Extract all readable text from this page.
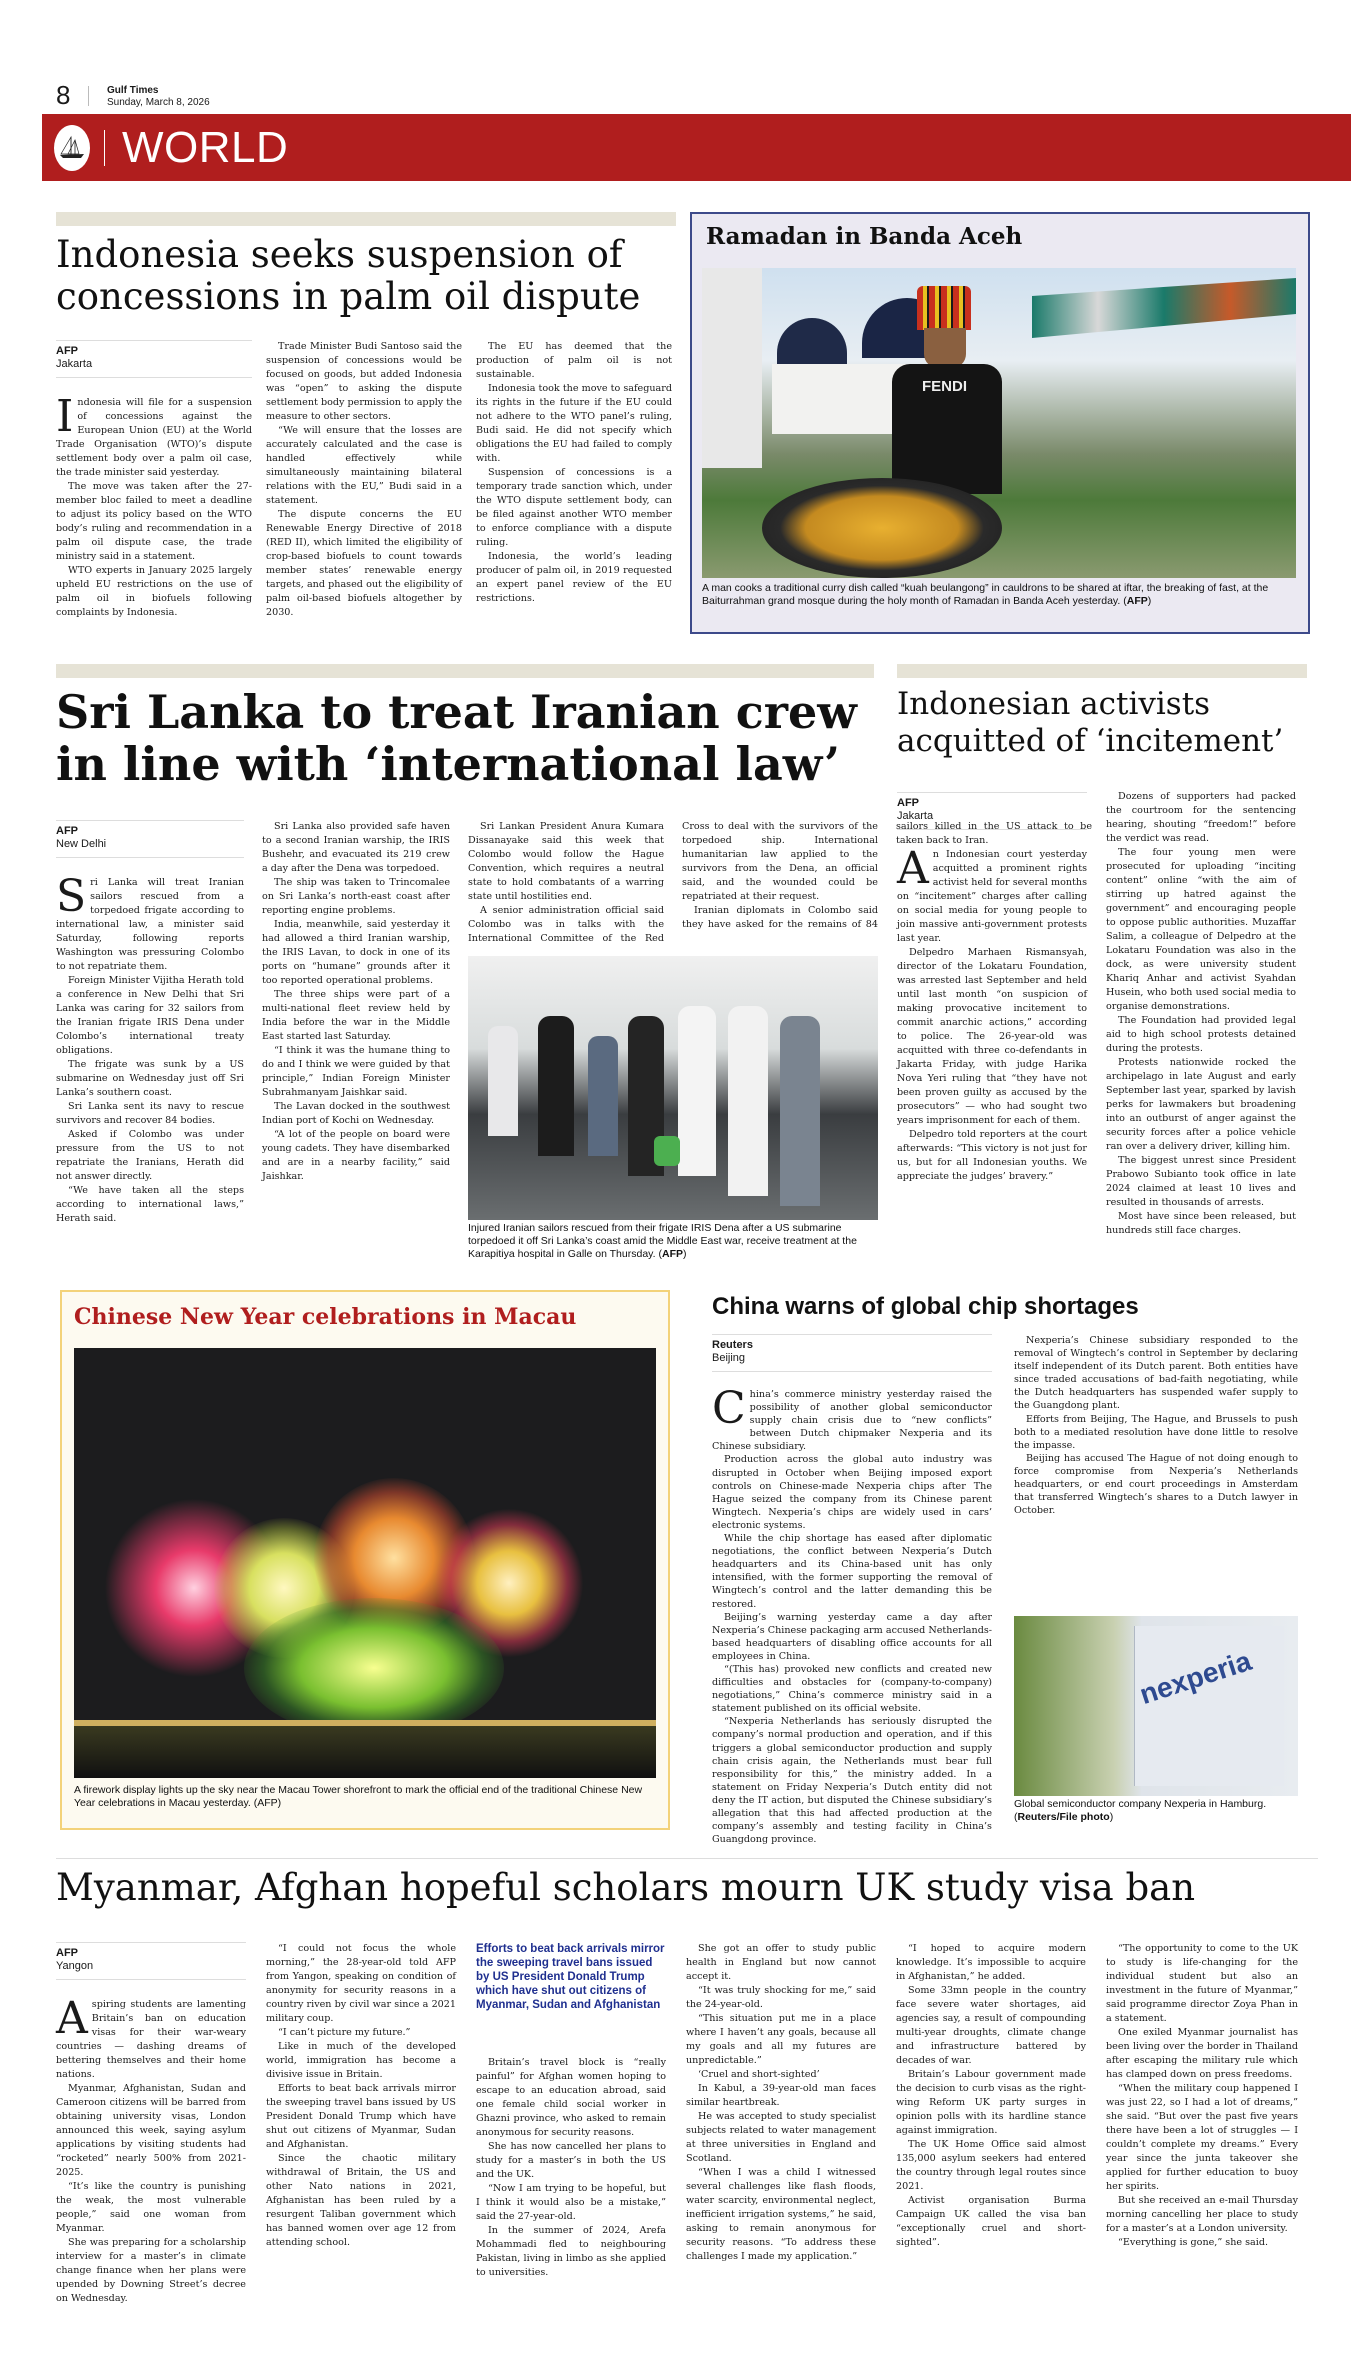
8	Gulf Times
Sunday, March 8, 2026
WORLD
Indonesia seeks suspension of concessions in palm oil dispute
AFP
Jakarta

Indonesia will file for a suspension of concessions against the European Union (EU) at the World Trade Organisation (WTO)’s dispute settlement body over a palm oil case, the trade minister said yesterday.

The move was taken after the 27-member bloc failed to meet a deadline to adjust its policy based on the WTO body’s ruling and recommendation in a palm oil dispute case, the trade ministry said in a statement.

WTO experts in January 2025 largely upheld EU restrictions on the use of palm oil in biofuels following complaints by Indonesia.

Trade Minister Budi Santoso said the suspension of concessions would be focused on goods, but added Indonesia was “open” to asking the dispute settlement body permission to apply the measure to other sectors.

“We will ensure that the losses are accurately calculated and the case is handled effectively while simultaneously maintaining bilateral relations with the EU,” Budi said in a statement.

The dispute concerns the EU Renewable Energy Directive of 2018 (RED II), which limited the eligibility of crop-based biofuels to count towards member states’ renewable energy targets, and phased out the eligibility of palm oil-based biofuels altogether by 2030.

The EU has deemed that the production of palm oil is not sustainable.

Indonesia took the move to safeguard its rights in the future if the EU could not adhere to the WTO panel’s ruling, Budi said. He did not specify which obligations the EU had failed to comply with.

Suspension of concessions is a temporary trade sanction which, under the WTO dispute settlement body, can be filed against another WTO member to enforce compliance with a dispute ruling.

Indonesia, the world’s leading producer of palm oil, in 2019 requested an expert panel review of the EU restrictions.

Ramadan in Banda Aceh
FENDI
A man cooks a traditional curry dish called “kuah beulangong” in cauldrons to be shared at iftar, the breaking of fast, at the Baiturrahman grand mosque during the holy month of Ramadan in Banda Aceh yesterday. (AFP)
Sri Lanka to treat Iranian crew in line with ‘international law’
AFP
New Delhi

Sri Lanka will treat Iranian sailors rescued from a torpedoed frigate according to international law, a minister said Saturday, following reports Washington was pressuring Colombo to not repatriate them.

Foreign Minister Vijitha Herath told a conference in New Delhi that Sri Lanka was caring for 32 sailors from the Iranian frigate IRIS Dena under Colombo’s international treaty obligations.

The frigate was sunk by a US submarine on Wednesday just off Sri Lanka’s southern coast.

Sri Lanka sent its navy to rescue survivors and recover 84 bodies.

Asked if Colombo was under pressure from the US to not repatriate the Iranians, Herath did not answer directly.

“We have taken all the steps according to international laws,” Herath said.

Sri Lanka also provided safe haven to a second Iranian warship, the IRIS Bushehr, and evacuated its 219 crew a day after the Dena was torpedoed.

The ship was taken to Trincomalee on Sri Lanka’s north-east coast after reporting engine problems.

India, meanwhile, said yesterday it had allowed a third Iranian warship, the IRIS Lavan, to dock in one of its ports on “humane” grounds after it too reported operational problems.

The three ships were part of a multi-national fleet review held by India before the war in the Middle East started last Saturday.

“I think it was the humane thing to do and I think we were guided by that principle,” Indian Foreign Minister Subrahmanyam Jaishkar said.

The Lavan docked in the southwest Indian port of Kochi on Wednesday.

“A lot of the people on board were young cadets. They have disembarked and are in a nearby facility,” said Jaishkar.

Sri Lankan President Anura Kumara Dissanayake said this week that Colombo would follow the Hague Convention, which requires a neutral state to hold combatants of a warring state until hostilities end.

A senior administration official said Colombo was in talks with the International Committee of the Red Cross to deal with the survivors of the torpedoed ship. International humanitarian law applied to the survivors from the Dena, an official said, and the wounded could be repatriated at their request.

Iranian diplomats in Colombo said they have asked for the remains of 84 sailors killed in the US attack to be taken back to Iran.

Injured Iranian sailors rescued from their frigate IRIS Dena after a US submarine torpedoed it off Sri Lanka’s coast amid the Middle East war, receive treatment at the Karapitiya hospital in Galle on Thursday. (AFP)
Indonesian activists acquitted of ‘incitement’
AFP
Jakarta

An Indonesian court yesterday acquitted a prominent rights activist held for several months on “incitement” charges after calling on social media for young people to join massive anti-government protests last year.

Delpedro Marhaen Rismansyah, director of the Lokataru Foundation, was arrested last September and held until last month “on suspicion of making provocative incitement to commit anarchic actions,” according to police. The 26-year-old was acquitted with three co-defendants in Jakarta Friday, with judge Harika Nova Yeri ruling that “they have not been proven guilty as accused by the prosecutors” — who had sought two years imprisonment for each of them.

Delpedro told reporters at the court afterwards: “This victory is not just for us, but for all Indonesian youths. We appreciate the judges’ bravery.”

Dozens of supporters had packed the courtroom for the sentencing hearing, shouting “freedom!” before the verdict was read.

The four young men were prosecuted for uploading “inciting content” online “with the aim of stirring up hatred against the government” and encouraging people to oppose public authorities. Muzaffar Salim, a colleague of Delpedro at the Lokataru Foundation was also in the dock, as were university student Khariq Anhar and activist Syahdan Husein, who both used social media to organise demonstrations.

The Foundation had provided legal aid to high school protests detained during the protests.

Protests nationwide rocked the archipelago in late August and early September last year, sparked by lavish perks for lawmakers but broadening into an outburst of anger against the security forces after a police vehicle ran over a delivery driver, killing him.

The biggest unrest since President Prabowo Subianto took office in late 2024 claimed at least 10 lives and resulted in thousands of arrests.

Most have since been released, but hundreds still face charges.

Chinese New Year celebrations in Macau
A firework display lights up the sky near the Macau Tower shorefront to mark the official end of the traditional Chinese New Year celebrations in Macau yesterday. (AFP)
China warns of global chip shortages
Reuters
Beijing

China’s commerce ministry yesterday raised the possibility of another global semiconductor supply chain crisis due to “new conflicts” between Dutch chipmaker Nexperia and its Chinese subsidiary.

Production across the global auto industry was disrupted in October when Beijing imposed export controls on Chinese-made Nexperia chips after The Hague seized the company from its Chinese parent Wingtech. Nexperia’s chips are widely used in cars’ electronic systems.

While the chip shortage has eased after diplomatic negotiations, the conflict between Nexperia’s Dutch headquarters and its China-based unit has only intensified, with the former supporting the removal of Wingtech’s control and the latter demanding this be restored.

Beijing’s warning yesterday came a day after Nexperia’s Chinese packaging arm accused Netherlands-based headquarters of disabling office accounts for all employees in China.

“(This has) provoked new conflicts and created new difficulties and obstacles for (company-to-company) negotiations,” China’s commerce ministry said in a statement published on its official website.

“Nexperia Netherlands has seriously disrupted the company’s normal production and operation, and if this triggers a global semiconductor production and supply chain crisis again, the Netherlands must bear full responsibility for this,” the ministry added. In a statement on Friday Nexperia’s Dutch entity did not deny the IT action, but disputed the Chinese subsidiary’s allegation that this had affected production at the company’s assembly and testing facility in China’s Guangdong province.

Nexperia’s Chinese subsidiary responded to the removal of Wingtech’s control in September by declaring itself independent of its Dutch parent. Both entities have since traded accusations of bad-faith negotiating, while the Dutch headquarters has suspended wafer supply to the Guangdong plant.

Efforts from Beijing, The Hague, and Brussels to push both to a mediated resolution have done little to resolve the impasse.

Beijing has accused The Hague of not doing enough to force compromise from Nexperia’s Netherlands headquarters, or end court proceedings in Amsterdam that transferred Wingtech’s shares to a Dutch lawyer in October.

nexperia
Global semiconductor company Nexperia in Hamburg. (Reuters/File photo)
Myanmar, Afghan hopeful scholars mourn UK study visa ban
AFP
Yangon

Aspiring students are lamenting Britain’s ban on education visas for their war-weary countries — dashing dreams of bettering themselves and their home nations.

Myanmar, Afghanistan, Sudan and Cameroon citizens will be barred from obtaining university visas, London announced this week, saying asylum applications by visiting students had “rocketed” nearly 500% from 2021-2025.

“It’s like the country is punishing the weak, the most vulnerable people,” said one woman from Myanmar.

She was preparing for a scholarship interview for a master’s in climate change finance when her plans were upended by Downing Street’s decree on Wednesday.

“I could not focus the whole morning,” the 28-year-old told AFP from Yangon, speaking on condition of anonymity for security reasons in a country riven by civil war since a 2021 military coup.

“I can’t picture my future.”

Like in much of the developed world, immigration has become a divisive issue in Britain.

Efforts to beat back arrivals mirror the sweeping travel bans issued by US President Donald Trump which have shut out citizens of Myanmar, Sudan and Afghanistan.

Since the chaotic military withdrawal of Britain, the US and other Nato nations in 2021, Afghanistan has been ruled by a resurgent Taliban government which has banned women over age 12 from attending school.

Efforts to beat back arrivals mirror the sweeping travel bans issued by US President Donald Trump which have shut out citizens of Myanmar, Sudan and Afghanistan

Britain’s travel block is “really painful” for Afghan women hoping to escape to an education abroad, said one female child social worker in Ghazni province, who asked to remain anonymous for security reasons.

She has now cancelled her plans to study for a master’s in both the US and the UK.

“Now I am trying to be hopeful, but I think it would also be a mistake,” said the 27-year-old.

In the summer of 2024, Arefa Mohammadi fled to neighbouring Pakistan, living in limbo as she applied to universities.

She got an offer to study public health in England but now cannot accept it.

“It was truly shocking for me,” said the 24-year-old.

“This situation put me in a place where I haven’t any goals, because all my goals and all my futures are unpredictable.”

‘Cruel and short-sighted’

In Kabul, a 39-year-old man faces similar heartbreak.

He was accepted to study specialist subjects related to water management at three universities in England and Scotland.

“When I was a child I witnessed several challenges like flash floods, water scarcity, environmental neglect, inefficient irrigation systems,” he said, asking to remain anonymous for security reasons. “To address these challenges I made my application.”

“I hoped to acquire modern knowledge. It’s impossible to acquire in Afghanistan,” he added.

Some 33mn people in the country face severe water shortages, aid agencies say, a result of compounding multi-year droughts, climate change and infrastructure battered by decades of war.

Britain’s Labour government made the decision to curb visas as the right-wing Reform UK party surges in opinion polls with its hardline stance against immigration.

The UK Home Office said almost 135,000 asylum seekers had entered the country through legal routes since 2021.

Activist organisation Burma Campaign UK called the visa ban “exceptionally cruel and short-sighted”.

“The opportunity to come to the UK to study is life-changing for the individual student but also an investment in the future of Myanmar,” said programme director Zoya Phan in a statement.

One exiled Myanmar journalist has been living over the border in Thailand after escaping the military rule which has clamped down on press freedoms.

“When the military coup happened I was just 22, so I had a lot of dreams,” she said. “But over the past five years there have been a lot of struggles — I couldn’t complete my dreams.” Every year since the junta takeover she applied for further education to buoy her spirits.

But she received an e-mail Thursday morning cancelling her place to study for a master’s at a London university.

“Everything is gone,” she said.
